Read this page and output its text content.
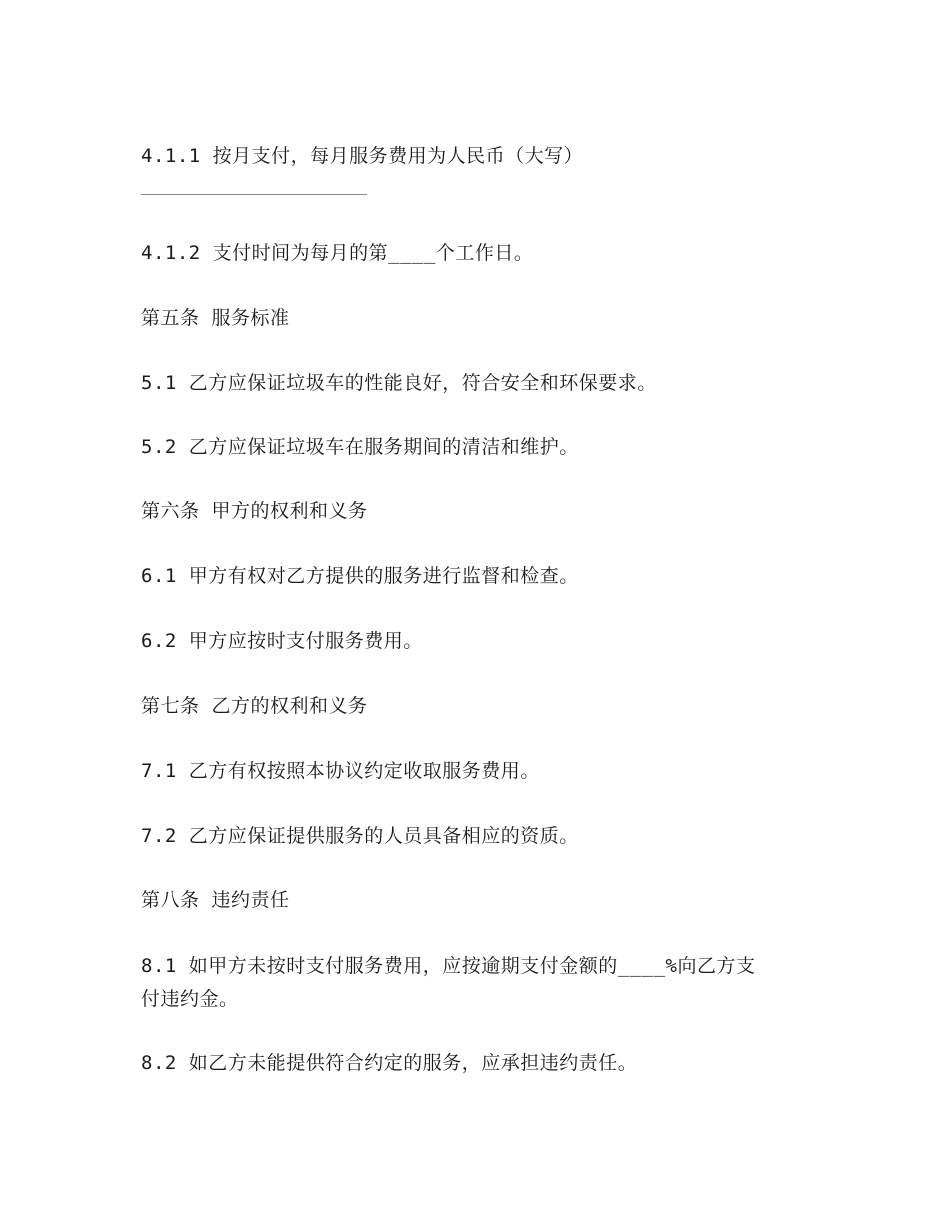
4.1.1 按月支付，每月服务费用为人民币（大写）
4.1.2 支付时间为每月的第____个工作日。
第五条 服务标准
5.1 乙方应保证垃圾车的性能良好，符合安全和环保要求。
5.2 乙方应保证垃圾车在服务期间的清洁和维护。
第六条 甲方的权利和义务
6.1 甲方有权对乙方提供的服务进行监督和检查。
6.2 甲方应按时支付服务费用。
第七条 乙方的权利和义务
7.1 乙方有权按照本协议约定收取服务费用。
7.2 乙方应保证提供服务的人员具备相应的资质。
第八条 违约责任
8.1 如甲方未按时支付服务费用，应按逾期支付金额的____%向乙方支
付违约金。
8.2 如乙方未能提供符合约定的服务，应承担违约责任。
